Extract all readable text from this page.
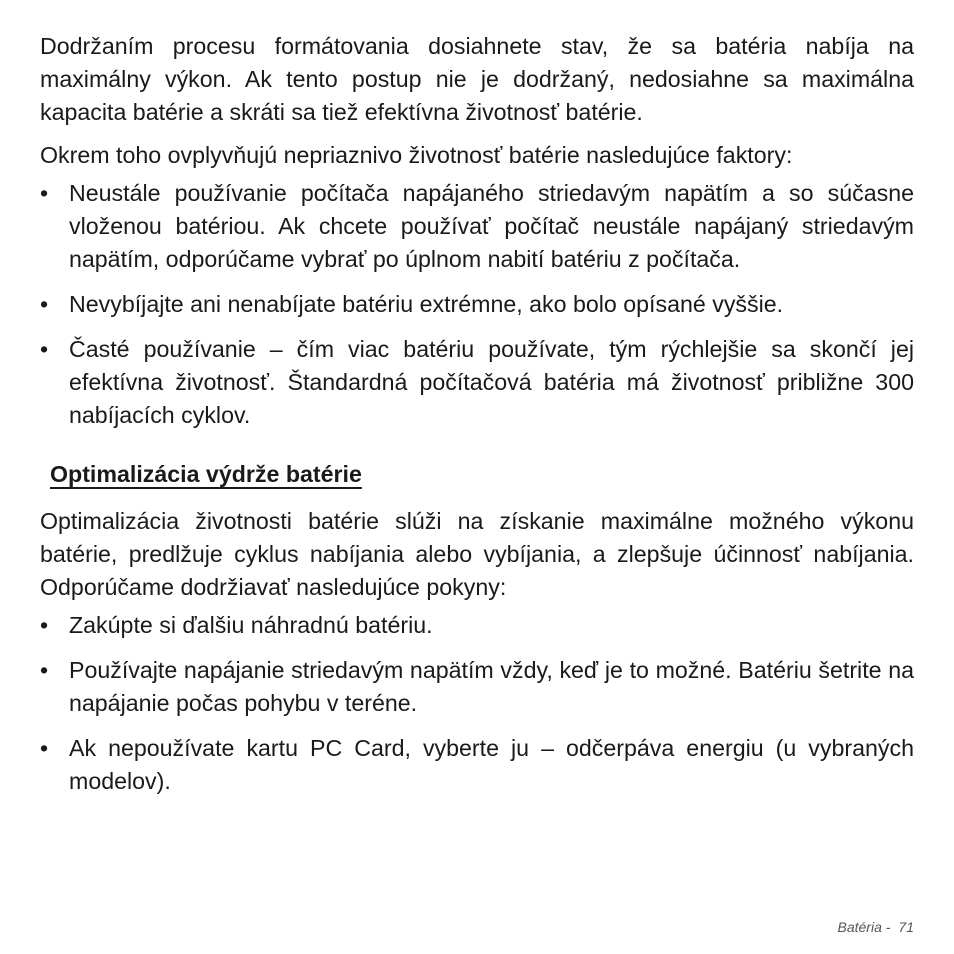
Dodržaním procesu formátovania dosiahnete stav, že sa batéria nabíja na maximálny výkon. Ak tento postup nie je dodržaný, nedosiahne sa maximálna kapacita batérie a skráti sa tiež efektívna životnosť batérie.

Okrem toho ovplyvňujú nepriaznivo životnosť batérie nasledujúce faktory:

• Neustále používanie počítača napájaného striedavým napätím a so súčasne vloženou batériou. Ak chcete používať počítač neustále napájaný striedavým napätím, odporúčame vybrať po úplnom nabití batériu z počítača.
• Nevybíjajte ani nenabíjate batériu extrémne, ako bolo opísané vyššie.
• Časté používanie – čím viac batériu používate, tým rýchlejšie sa skončí jej efektívna životnosť. Štandardná počítačová batéria má životnosť približne 300 nabíjacích cyklov.
Optimalizácia výdrže batérie

Optimalizácia životnosti batérie slúži na získanie maximálne možného výkonu batérie, predlžuje cyklus nabíjania alebo vybíjania, a zlepšuje účinnosť nabíjania. Odporúčame dodržiavať nasledujúce pokyny:

• Zakúpte si ďalšiu náhradnú batériu.
• Používajte napájanie striedavým napätím vždy, keď je to možné. Batériu šetrite na napájanie počas pohybu v teréne.
• Ak nepoužívate kartu PC Card, vyberte ju – odčerpáva energiu (u vybraných modelov).
Batéria - 71
